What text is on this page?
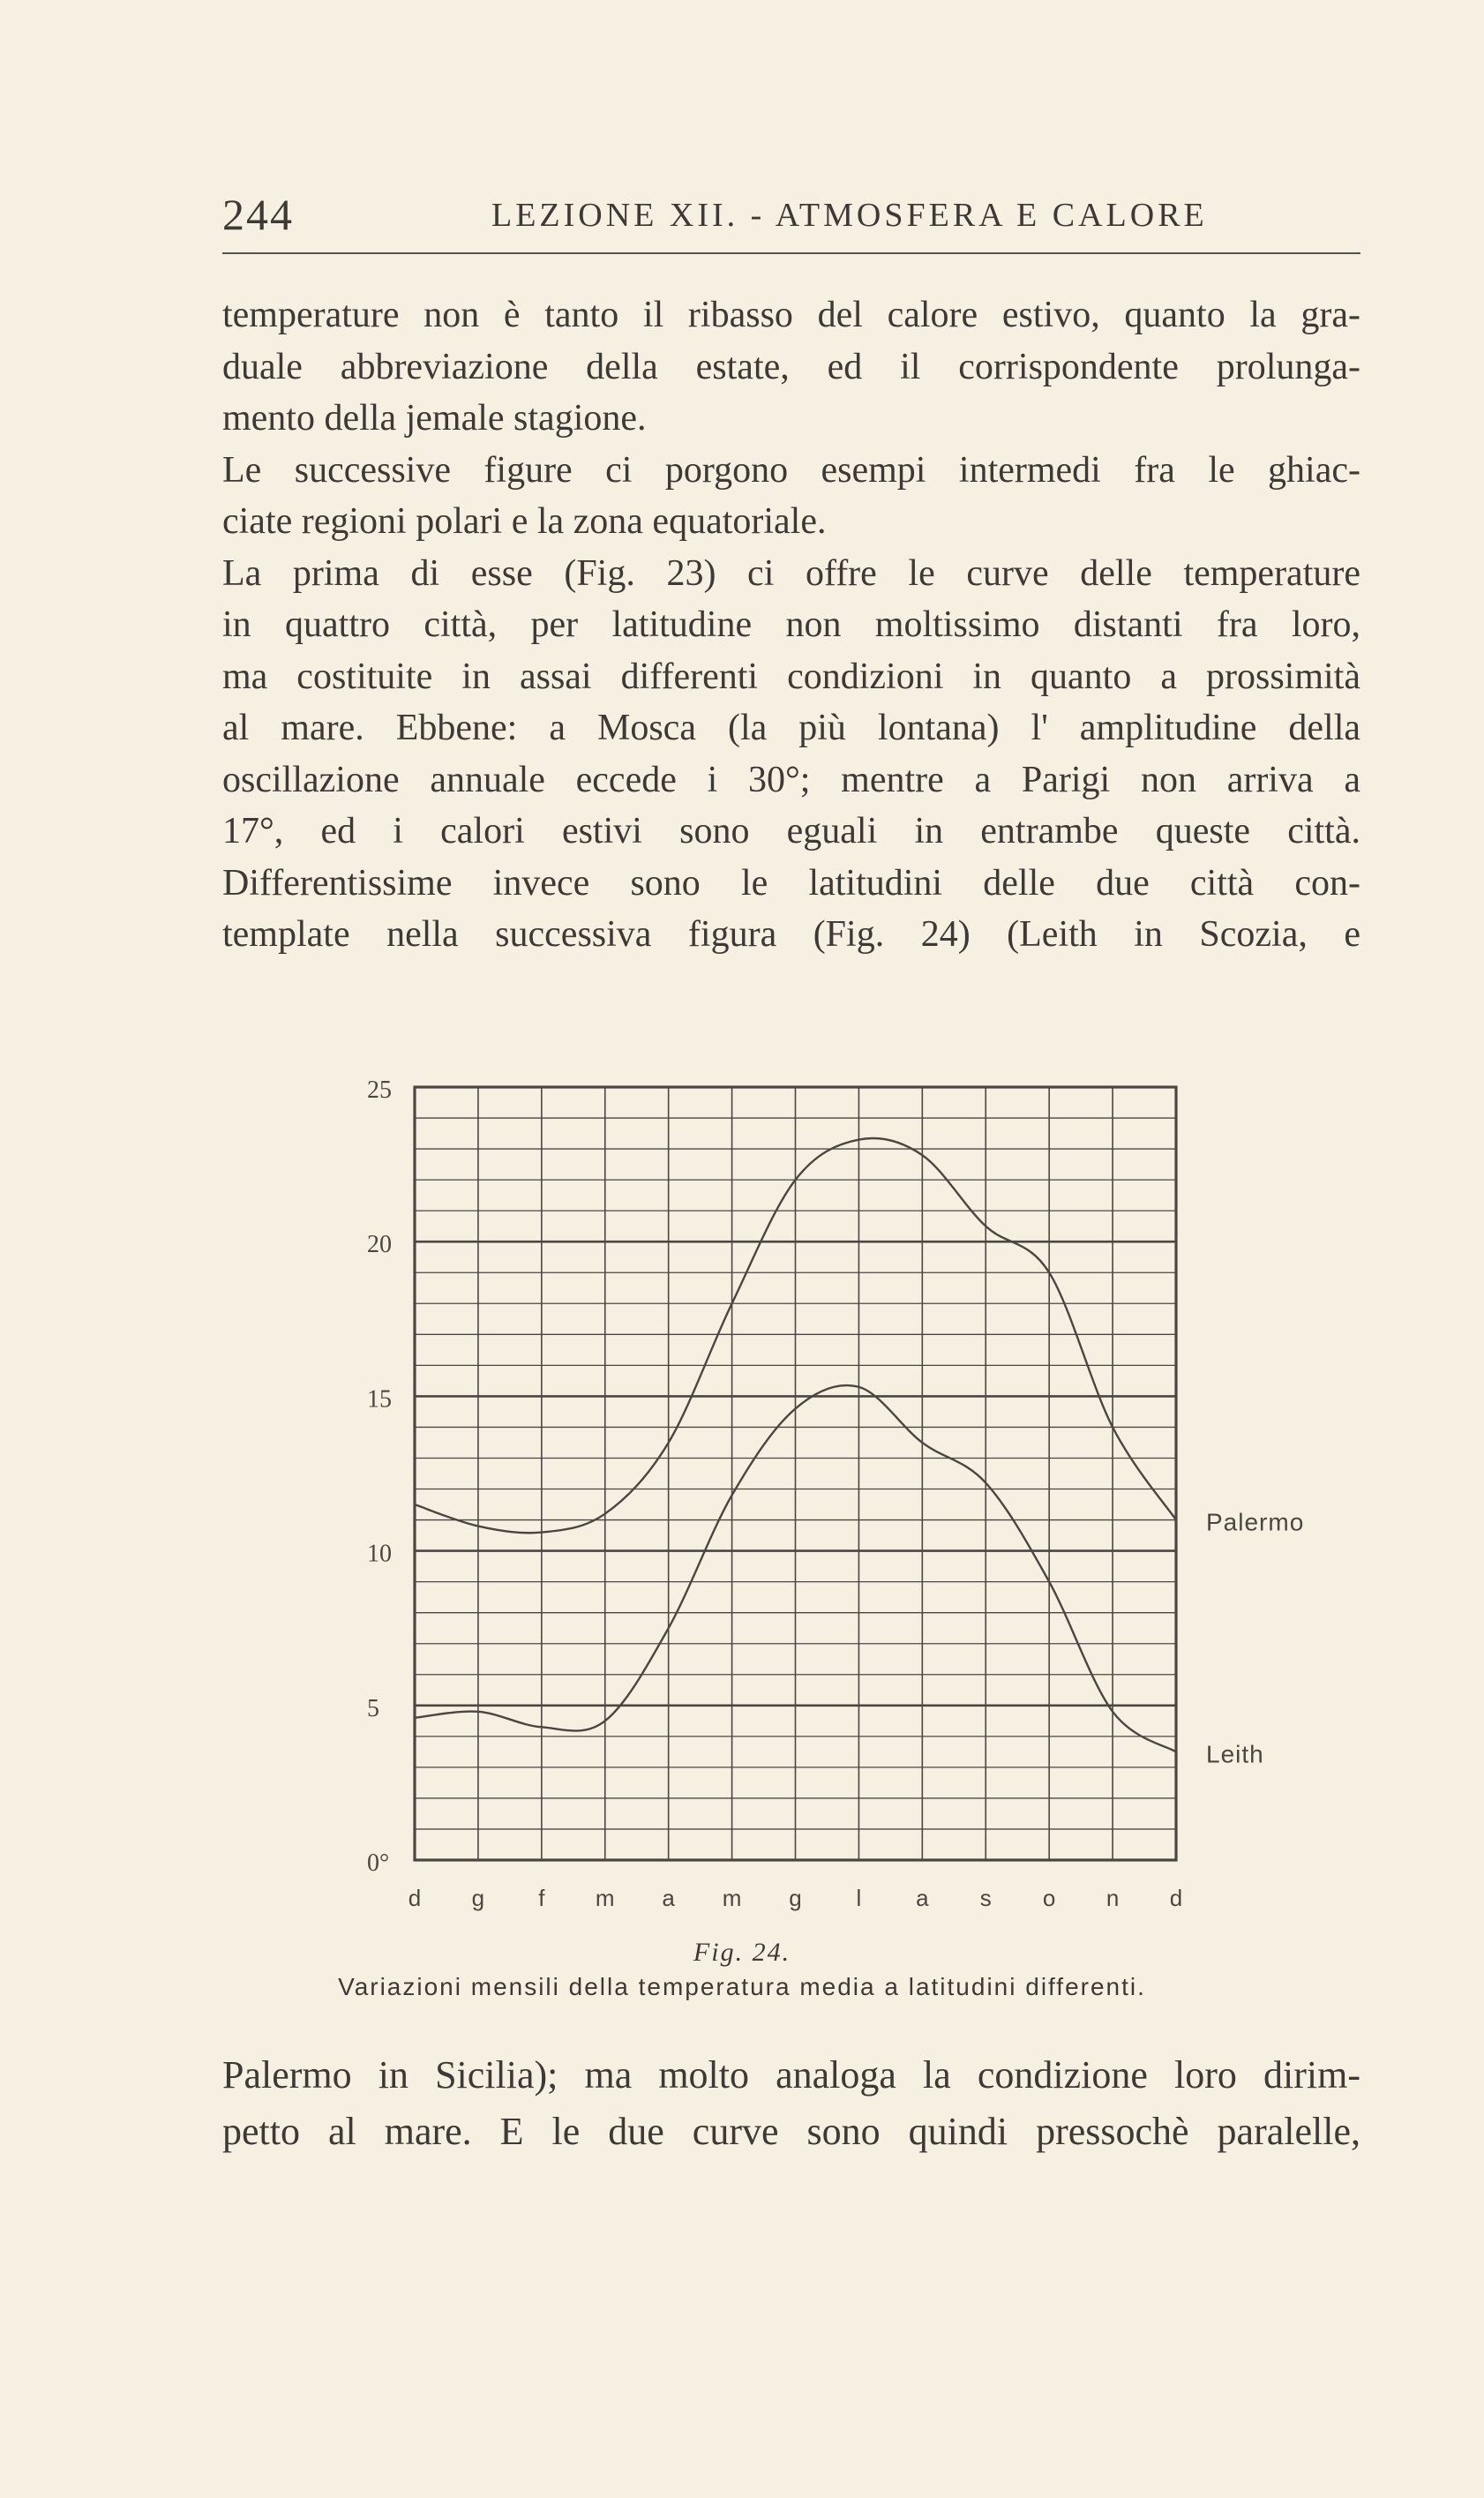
244	LEZIONE XII. - ATMOSFERA E CALORE
temperature non è tanto il ribasso del calore estivo, quanto la gra-
duale abbreviazione della estate, ed il corrispondente prolunga-
mento della jemale stagione.
Le successive figure ci porgono esempi intermedi fra le ghiac-
ciate regioni polari e la zona equatoriale.
La prima di esse (Fig. 23) ci offre le curve delle temperature
in quattro città, per latitudine non moltissimo distanti fra loro,
ma costituite in assai differenti condizioni in quanto a prossimità
al mare. Ebbene: a Mosca (la più lontana) l' amplitudine della
oscillazione annuale eccede i 30°; mentre a Parigi non arriva a
17°, ed i calori estivi sono eguali in entrambe queste città.
Differentissime invece sono le latitudini delle due città con-
template nella successiva figura (Fig. 24) (Leith in Scozia, e
0°
5
10
15
20
25
d g f m a m g l a s o n d
Palermo
Leith
Fig. 24.
Variazioni mensili della temperatura media a latitudini differenti.
Palermo in Sicilia); ma molto analoga la condizione loro dirim-
petto al mare. E le due curve sono quindi pressochè paralelle,
